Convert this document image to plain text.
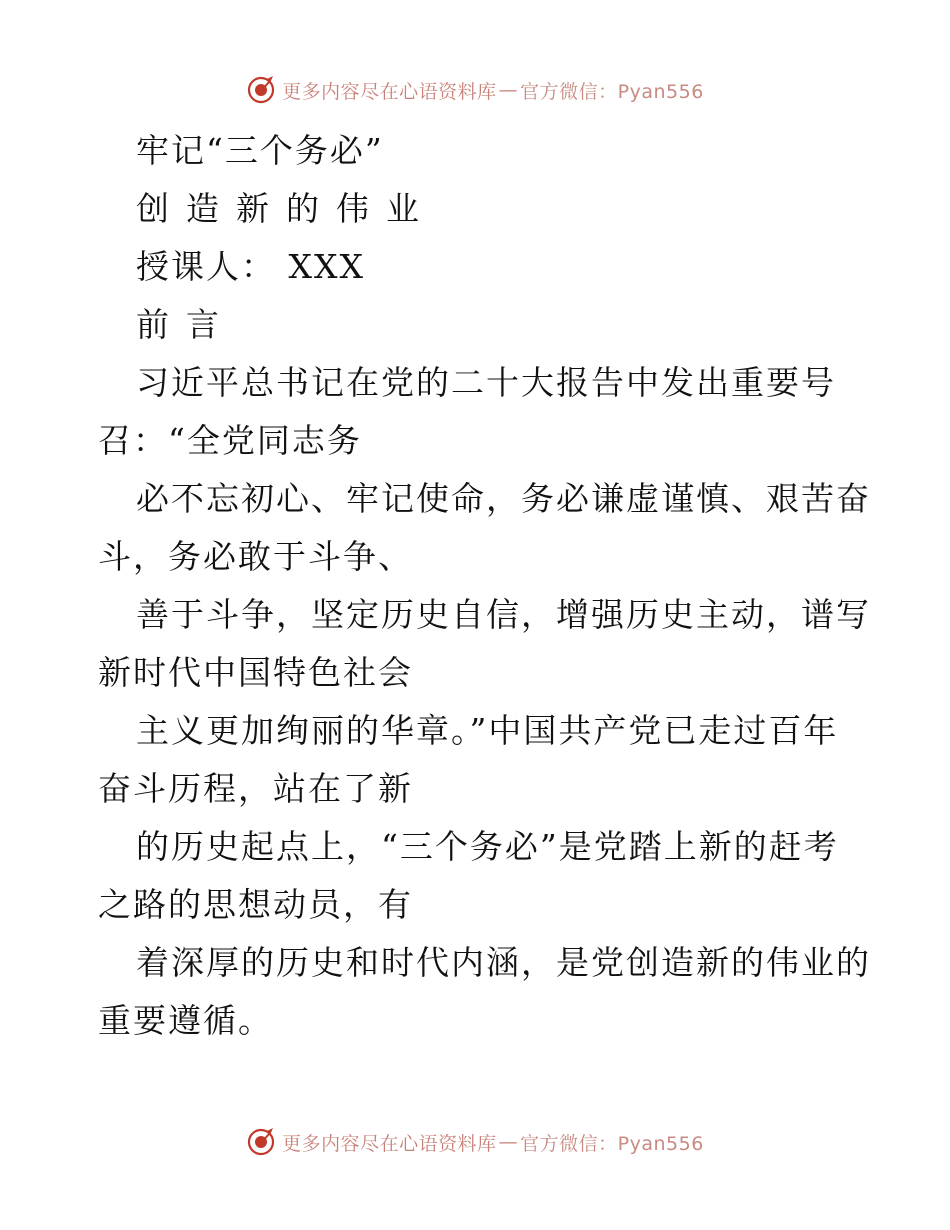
更多内容尽在心语资料库 — 官方微信：Pyan556
牢记“三个务必”
创造新的伟业
授课人： XXX
前言
习近平总书记在党的二十大报告中发出重要号
召：“全党同志务
必不忘初心、牢记使命，务必谦虚谨慎、艰苦奋
斗，务必敢于斗争、
善于斗争，坚定历史自信，增强历史主动，谱写
新时代中国特色社会
主义更加绚丽的华章。”中国共产党已走过百年
奋斗历程，站在了新
的历史起点上，“三个务必”是党踏上新的赶考
之路的思想动员，有
着深厚的历史和时代内涵，是党创造新的伟业的
重要遵循。
更多内容尽在心语资料库 — 官方微信：Pyan556
